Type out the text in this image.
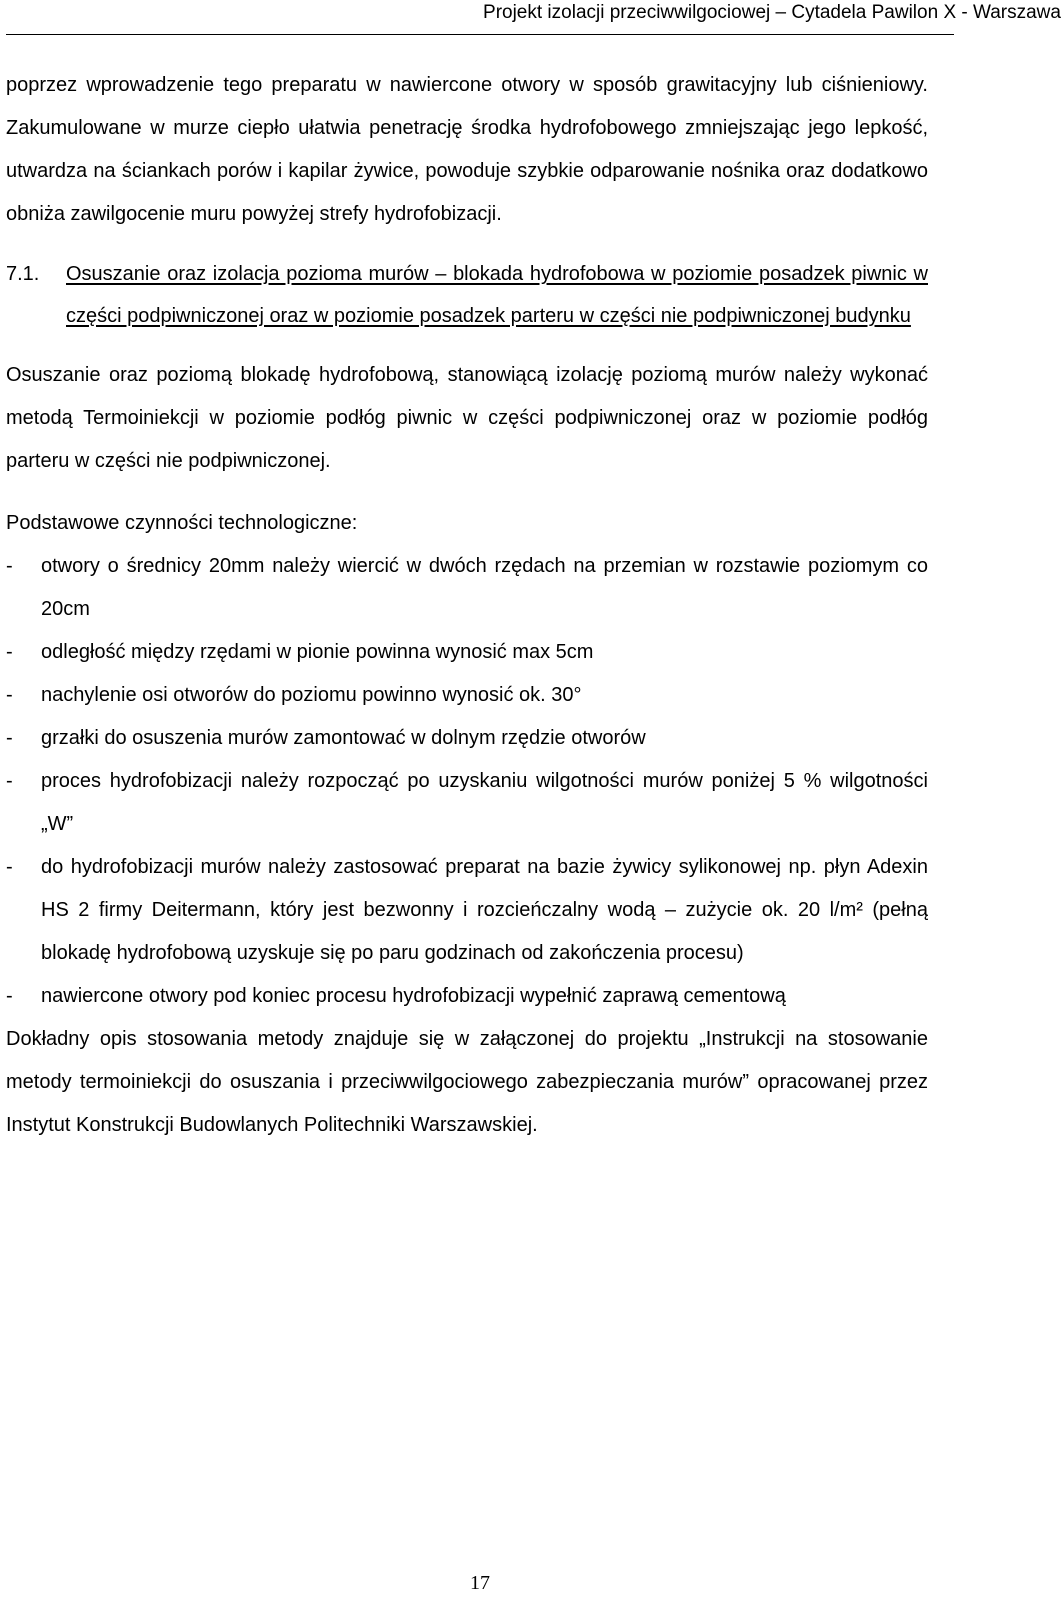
Projekt izolacji przeciwwilgociowej – Cytadela Pawilon X - Warszawa

poprzez wprowadzenie tego preparatu w nawiercone otwory w sposób grawitacyjny lub ciśnieniowy. Zakumulowane w murze ciepło ułatwia penetrację środka hydrofobowego zmniejszając jego lepkość, utwardza na ściankach porów i kapilar żywice, powoduje szybkie odparowanie nośnika oraz dodatkowo obniża zawilgocenie muru powyżej strefy hydrofobizacji.

7.1.	Osuszanie oraz izolacja pozioma murów – blokada hydrofobowa w poziomie posadzek piwnic w części podpiwniczonej oraz w poziomie posadzek parteru w części nie podpiwniczonej budynku

Osuszanie oraz poziomą blokadę hydrofobową, stanowiącą izolację poziomą murów należy wykonać metodą Termoiniekcji w poziomie podłóg piwnic w części podpiwniczonej oraz w poziomie podłóg parteru w części nie podpiwniczonej.

Podstawowe czynności technologiczne:

-	otwory o średnicy 20mm należy wiercić w dwóch rzędach na przemian w rozstawie poziomym co 20cm
-	odległość między rzędami w pionie powinna wynosić max 5cm
-	nachylenie osi otworów do poziomu powinno wynosić ok. 30°
-	grzałki do osuszenia murów zamontować w dolnym rzędzie otworów
-	proces hydrofobizacji należy rozpocząć po uzyskaniu wilgotności murów poniżej 5 % wilgotności „W”
-	do hydrofobizacji murów należy zastosować preparat na bazie żywicy sylikonowej np. płyn Adexin HS 2 firmy Deitermann, który jest bezwonny i rozcieńczalny wodą – zużycie ok. 20 l/m² (pełną blokadę hydrofobową uzyskuje się po paru godzinach od zakończenia procesu)
-	nawiercone otwory pod koniec procesu hydrofobizacji wypełnić zaprawą cementową

Dokładny opis stosowania metody znajduje się w załączonej do projektu „Instrukcji na stosowanie metody termoiniekcji do osuszania i przeciwwilgociowego zabezpieczania murów” opracowanej przez Instytut Konstrukcji Budowlanych Politechniki Warszawskiej.

17
